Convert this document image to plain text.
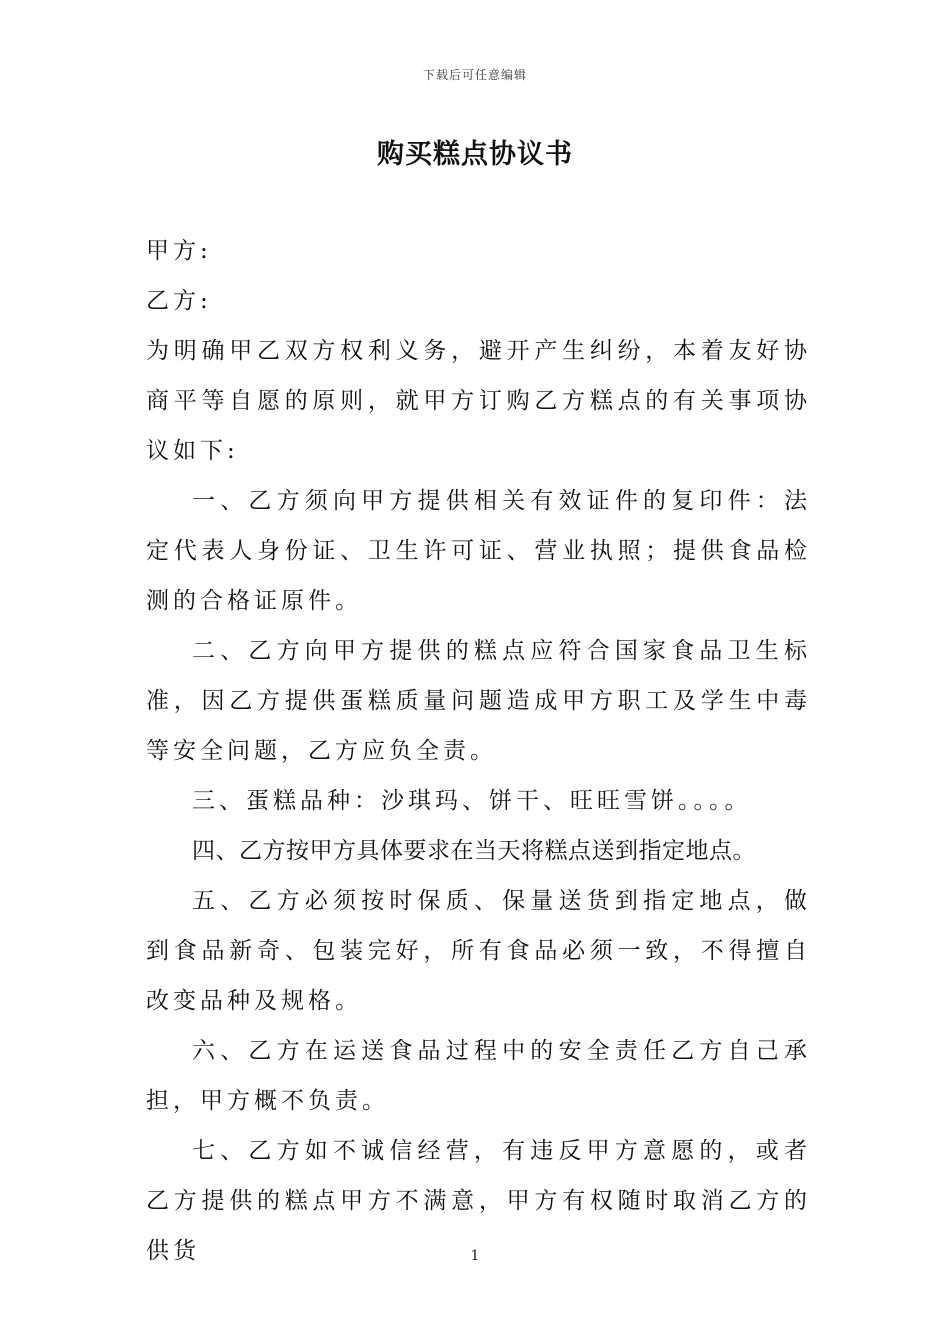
下载后可任意编辑
购买糕点协议书

甲方:

乙方:

为明确甲乙双方权利义务，避开产生纠纷，本着友好协商平等自愿的原则，就甲方订购乙方糕点的有关事项协议如下:

一、乙方须向甲方提供相关有效证件的复印件：法定代表人身份证、卫生许可证、营业执照；提供食品检测的合格证原件。

二、乙方向甲方提供的糕点应符合国家食品卫生标准，因乙方提供蛋糕质量问题造成甲方职工及学生中毒等安全问题，乙方应负全责。

三、蛋糕品种：沙琪玛、饼干、旺旺雪饼。。。。

四、乙方按甲方具体要求在当天将糕点送到指定地点。

五、乙方必须按时保质、保量送货到指定地点，做到食品新奇、包装完好，所有食品必须一致，不得擅自改变品种及规格。

六、乙方在运送食品过程中的安全责任乙方自己承担，甲方概不负责。

七、乙方如不诚信经营，有违反甲方意愿的，或者乙方提供的糕点甲方不满意，甲方有权随时取消乙方的供货	1
